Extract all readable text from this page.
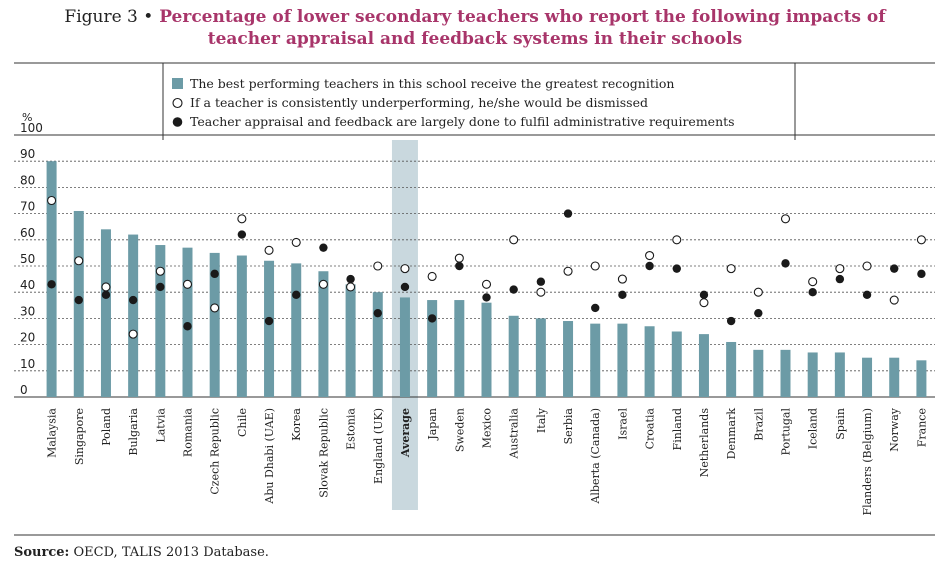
Figure 3 • Percentage of lower secondary teachers who report the following impacts of teacher appraisal and feedback systems in their schools
0
10
20
30
40
50
60
70
80
90
100
%
Malaysia Singapore Poland Bulgaria Latvia Romania Czech Republic Chile Abu Dhabi (UAE) Korea Slovak Republic Estonia England (UK) Average Japan Sweden Mexico Australia Italy Serbia Alberta (Canada) Israel Croatia Finland Netherlands Denmark Brazil Portugal Iceland Spain Flanders (Belgium) Norway France
The best performing teachers in this school receive the greatest recognition
If a teacher is consistently underperforming, he/she would be dismissed
Teacher appraisal and feedback are largely done to fulfil administrative requirements
Source: OECD, TALIS 2013 Database.
